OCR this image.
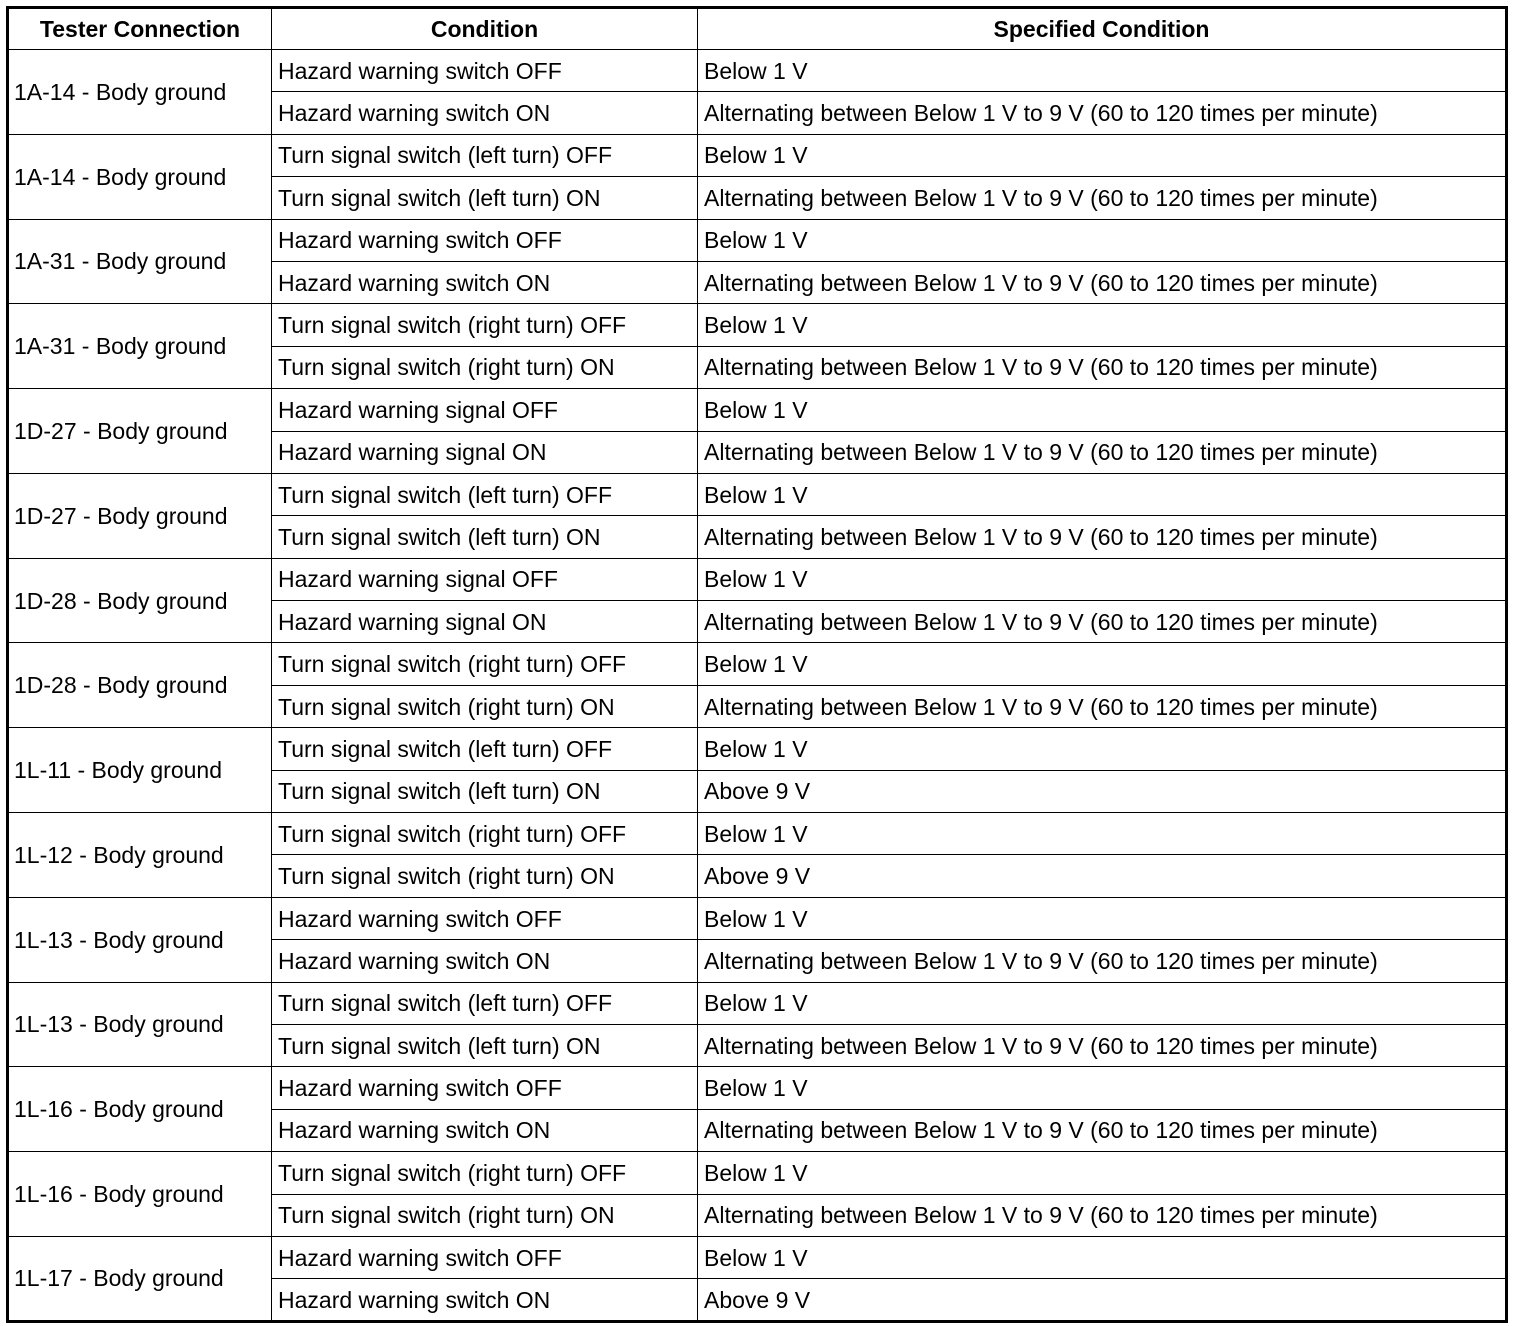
Tester Connection	Condition	Specified Condition
1A-14 - Body ground	Hazard warning switch OFF	Below 1 V
	Hazard warning switch ON	Alternating between Below 1 V to 9 V (60 to 120 times per minute)
1A-14 - Body ground	Turn signal switch (left turn) OFF	Below 1 V
	Turn signal switch (left turn) ON	Alternating between Below 1 V to 9 V (60 to 120 times per minute)
1A-31 - Body ground	Hazard warning switch OFF	Below 1 V
	Hazard warning switch ON	Alternating between Below 1 V to 9 V (60 to 120 times per minute)
1A-31 - Body ground	Turn signal switch (right turn) OFF	Below 1 V
	Turn signal switch (right turn) ON	Alternating between Below 1 V to 9 V (60 to 120 times per minute)
1D-27 - Body ground	Hazard warning signal OFF	Below 1 V
	Hazard warning signal ON	Alternating between Below 1 V to 9 V (60 to 120 times per minute)
1D-27 - Body ground	Turn signal switch (left turn) OFF	Below 1 V
	Turn signal switch (left turn) ON	Alternating between Below 1 V to 9 V (60 to 120 times per minute)
1D-28 - Body ground	Hazard warning signal OFF	Below 1 V
	Hazard warning signal ON	Alternating between Below 1 V to 9 V (60 to 120 times per minute)
1D-28 - Body ground	Turn signal switch (right turn) OFF	Below 1 V
	Turn signal switch (right turn) ON	Alternating between Below 1 V to 9 V (60 to 120 times per minute)
1L-11 - Body ground	Turn signal switch (left turn) OFF	Below 1 V
	Turn signal switch (left turn) ON	Above 9 V
1L-12 - Body ground	Turn signal switch (right turn) OFF	Below 1 V
	Turn signal switch (right turn) ON	Above 9 V
1L-13 - Body ground	Hazard warning switch OFF	Below 1 V
	Hazard warning switch ON	Alternating between Below 1 V to 9 V (60 to 120 times per minute)
1L-13 - Body ground	Turn signal switch (left turn) OFF	Below 1 V
	Turn signal switch (left turn) ON	Alternating between Below 1 V to 9 V (60 to 120 times per minute)
1L-16 - Body ground	Hazard warning switch OFF	Below 1 V
	Hazard warning switch ON	Alternating between Below 1 V to 9 V (60 to 120 times per minute)
1L-16 - Body ground	Turn signal switch (right turn) OFF	Below 1 V
	Turn signal switch (right turn) ON	Alternating between Below 1 V to 9 V (60 to 120 times per minute)
1L-17 - Body ground	Hazard warning switch OFF	Below 1 V
	Hazard warning switch ON	Above 9 V
